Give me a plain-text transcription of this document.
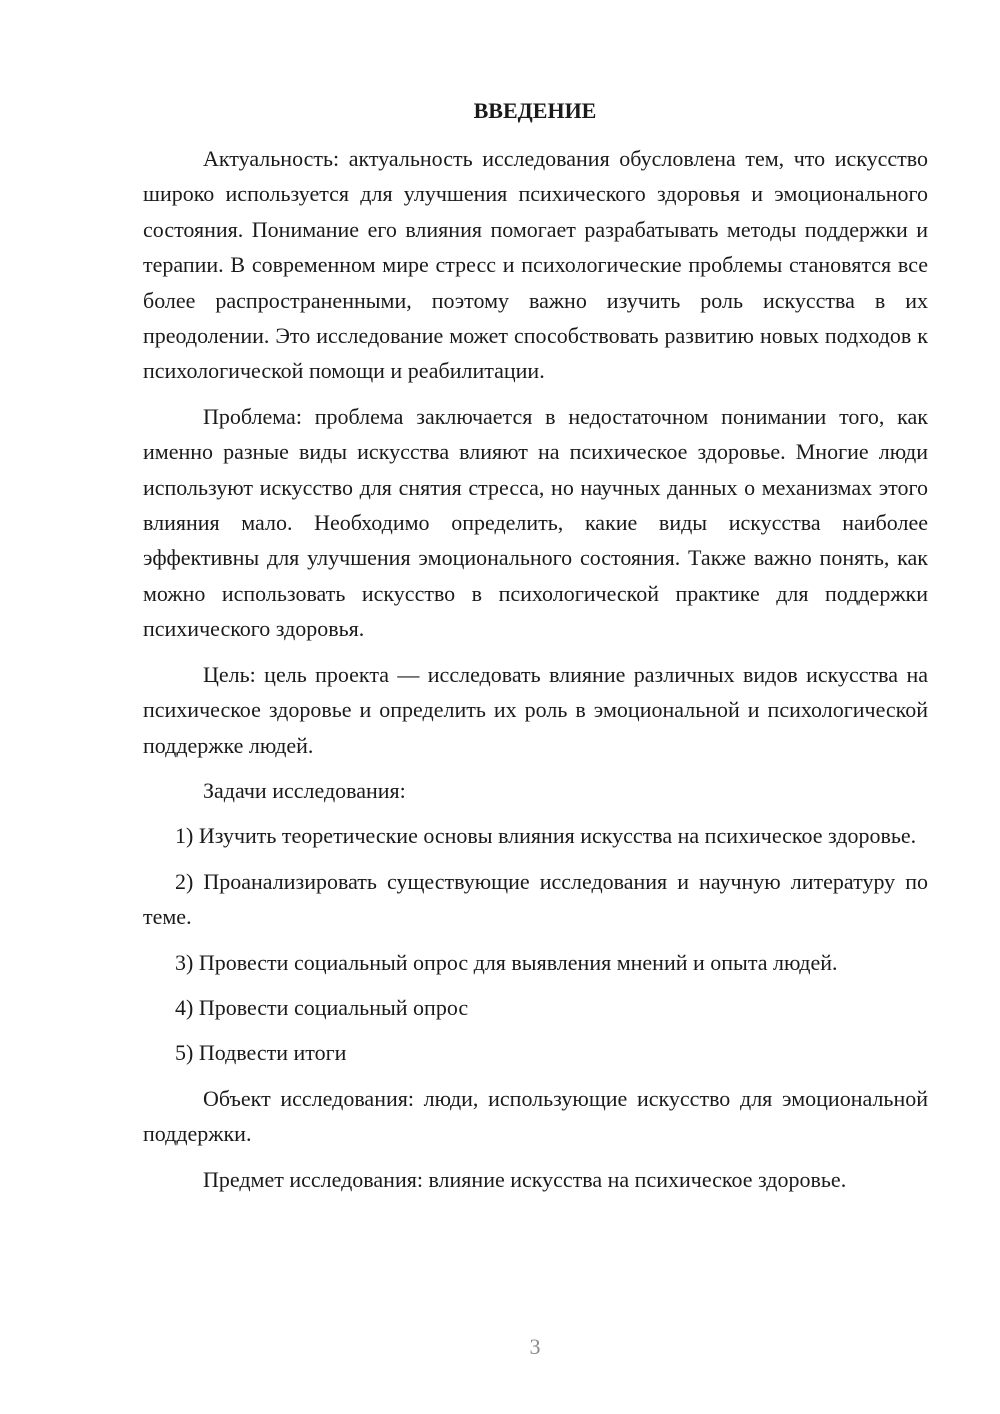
ВВЕДЕНИЕ

Актуальность: актуальность исследования обусловлена тем, что искусство широко используется для улучшения психического здоровья и эмоционального состояния. Понимание его влияния помогает разрабатывать методы поддержки и терапии. В современном мире стресс и психологические проблемы становятся все более распространенными, поэтому важно изучить роль искусства в их преодолении. Это исследование может способствовать развитию новых подходов к психологической помощи и реабилитации.

Проблема: проблема заключается в недостаточном понимании того, как именно разные виды искусства влияют на психическое здоровье. Многие люди используют искусство для снятия стресса, но научных данных о механизмах этого влияния мало. Необходимо определить, какие виды искусства наиболее эффективны для улучшения эмоционального состояния. Также важно понять, как можно использовать искусство в психологической практике для поддержки психического здоровья.

Цель: цель проекта — исследовать влияние различных видов искусства на психическое здоровье и определить их роль в эмоциональной и психологической поддержке людей.

Задачи исследования:

1) Изучить теоретические основы влияния искусства на психическое здоровье.

2) Проанализировать существующие исследования и научную литературу по теме.

3) Провести социальный опрос для выявления мнений и опыта людей.

4) Провести социальный опрос

5) Подвести итоги

Объект исследования: люди, использующие искусство для эмоциональной поддержки.

Предмет исследования: влияние искусства на психическое здоровье.

3
